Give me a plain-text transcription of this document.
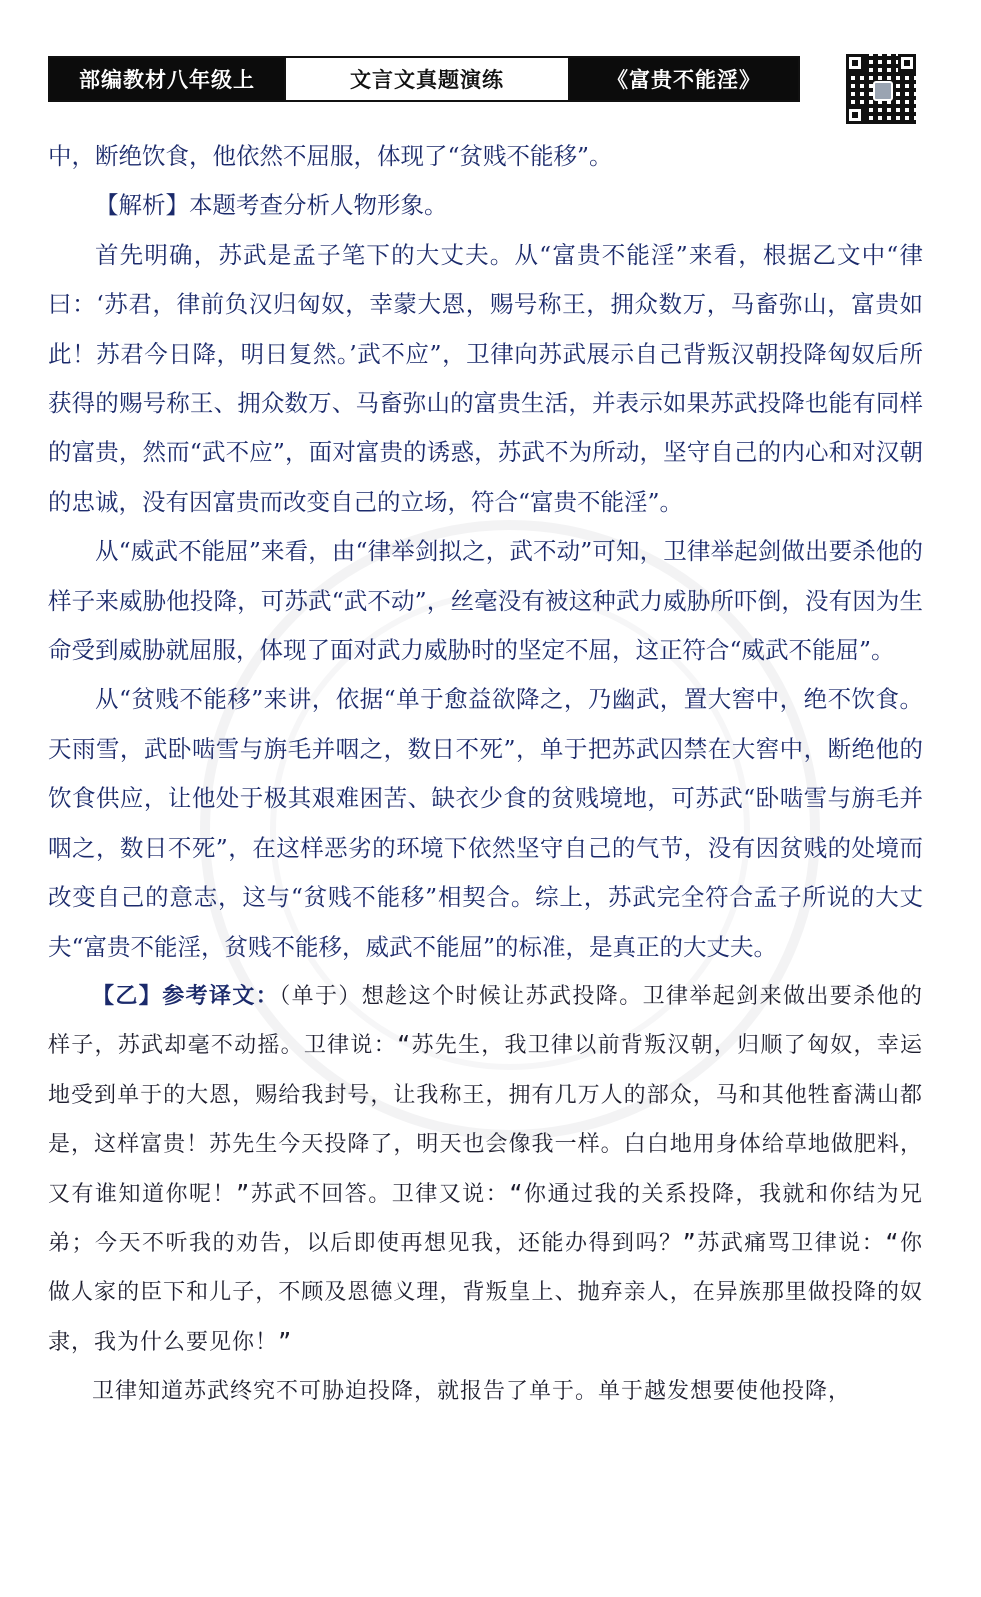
部编教材八年级上	文言文真题演练	《富贵不能淫》

中，断绝饮食，他依然不屈服，体现了“贫贱不能移”。

【解析】本题考查分析人物形象。

首先明确，苏武是孟子笔下的大丈夫。从“富贵不能淫”来看，根据乙文中“律曰：‘苏君，律前负汉归匈奴，幸蒙大恩，赐号称王，拥众数万，马畜弥山，富贵如此！苏君今日降，明日复然。’武不应”，卫律向苏武展示自己背叛汉朝投降匈奴后所获得的赐号称王、拥众数万、马畜弥山的富贵生活，并表示如果苏武投降也能有同样的富贵，然而“武不应”，面对富贵的诱惑，苏武不为所动，坚守自己的内心和对汉朝的忠诚，没有因富贵而改变自己的立场，符合“富贵不能淫”。

从“威武不能屈”来看，由“律举剑拟之，武不动”可知，卫律举起剑做出要杀他的样子来威胁他投降，可苏武“武不动”，丝毫没有被这种武力威胁所吓倒，没有因为生命受到威胁就屈服，体现了面对武力威胁时的坚定不屈，这正符合“威武不能屈”。

从“贫贱不能移”来讲，依据“单于愈益欲降之，乃幽武，置大窖中，绝不饮食。天雨雪，武卧啮雪与旃毛并咽之，数日不死”，单于把苏武囚禁在大窖中，断绝他的饮食供应，让他处于极其艰难困苦、缺衣少食的贫贱境地，可苏武“卧啮雪与旃毛并咽之，数日不死”，在这样恶劣的环境下依然坚守自己的气节，没有因贫贱的处境而改变自己的意志，这与“贫贱不能移”相契合。综上，苏武完全符合孟子所说的大丈夫“富贵不能淫，贫贱不能移，威武不能屈”的标准，是真正的大丈夫。

【乙】参考译文：（单于）想趁这个时候让苏武投降。卫律举起剑来做出要杀他的样子，苏武却毫不动摇。卫律说：“苏先生，我卫律以前背叛汉朝，归顺了匈奴，幸运地受到单于的大恩，赐给我封号，让我称王，拥有几万人的部众，马和其他牲畜满山都是，这样富贵！苏先生今天投降了，明天也会像我一样。白白地用身体给草地做肥料，又有谁知道你呢！”苏武不回答。卫律又说：“你通过我的关系投降，我就和你结为兄弟；今天不听我的劝告，以后即使再想见我，还能办得到吗？”苏武痛骂卫律说：“你做人家的臣下和儿子，不顾及恩德义理，背叛皇上、抛弃亲人，在异族那里做投降的奴隶，我为什么要见你！”

卫律知道苏武终究不可胁迫投降，就报告了单于。单于越发想要使他投降，
